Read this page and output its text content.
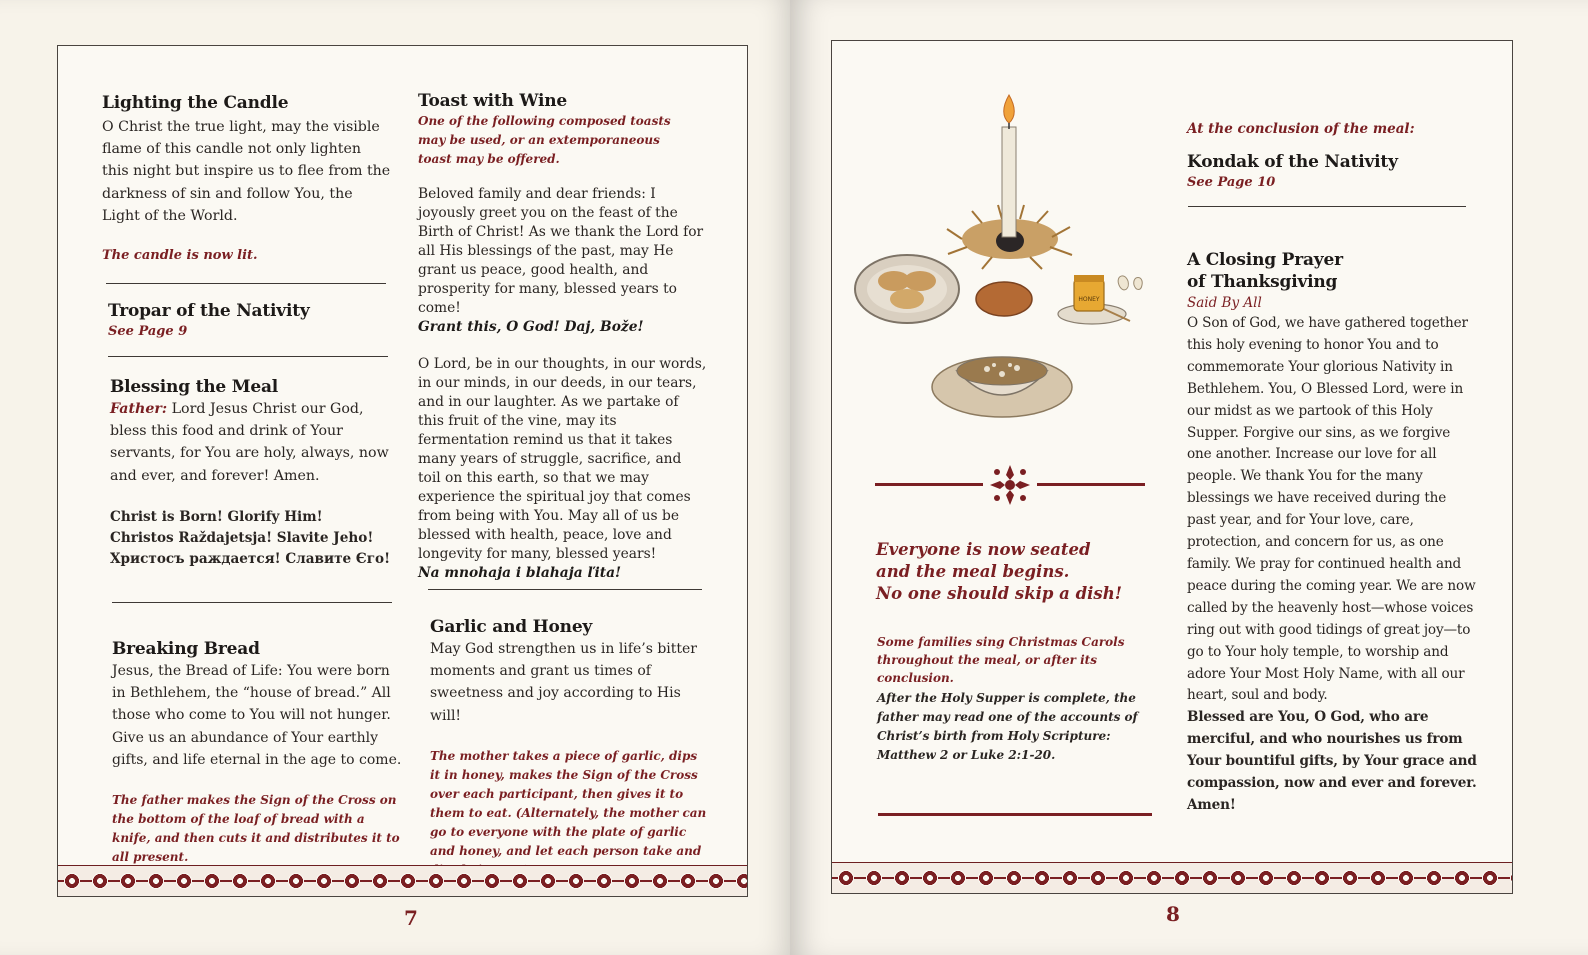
Lighting the Candle

O Christ the true light, may the visible flame of this candle not only lighten this night but inspire us to flee from the darkness of sin and follow You, the Light of the World.

The candle is now lit.
Tropar of the Nativity
See Page 9
Blessing the Meal

Father: Lord Jesus Christ our God, bless this food and drink of Your servants, for You are holy, always, now and ever, and forever! Amen.

Christ is Born! Glorify Him!
Christos Raždajetsja! Slavite Jeho!
Христосъ раждается! Славите Єго!
Breaking Bread

Jesus, the Bread of Life: You were born in Bethlehem, the “house of bread.” All those who come to You will not hunger. Give us an abundance of Your earthly gifts, and life eternal in the age to come.

The father makes the Sign of the Cross on the bottom of the loaf of bread with a knife, and then cuts it and distributes it to all present.
Toast with Wine
One of the following composed toasts may be used, or an extemporaneous toast may be offered.

Beloved family and dear friends: I joyously greet you on the feast of the Birth of Christ! As we thank the Lord for all His blessings of the past, may He grant us peace, good health, and prosperity for many, blessed years to come!

Grant this, O God! Daj, Bože!

O Lord, be in our thoughts, in our words, in our minds, in our deeds, in our tears, and in our laughter. As we partake of this fruit of the vine, may its fermentation remind us that it takes many years of struggle, sacrifice, and toil on this earth, so that we may experience the spiritual joy that comes from being with You. May all of us be blessed with health, peace, love and longevity for many, blessed years!

Na mnohaja i blahaja ľita!

Garlic and Honey

May God strengthen us in life’s bitter moments and grant us times of sweetness and joy according to His will!

The mother takes a piece of garlic, dips it in honey, makes the Sign of the Cross over each participant, then gives it to them to eat. (Alternately, the mother can go to everyone with the plate of garlic and honey, and let each person take and
7
HONEY
Everyone is now seated
and the meal begins.
No one should skip a dish!
Some families sing Christmas Carols throughout the meal, or after its conclusion.
After the Holy Supper is complete, the father may read one of the accounts of Christ’s birth from Holy Scripture: Matthew 2 or Luke 2:1-20.
At the conclusion of the meal:
Kondak of the Nativity
See Page 10
A Closing Prayer
of Thanksgiving
Said By All

O Son of God, we have gathered together this holy evening to honor You and to commemorate Your glorious Nativity in Bethlehem. You, O Blessed Lord, were in our midst as we partook of this Holy Supper. Forgive our sins, as we forgive one another. Increase our love for all people. We thank You for the many blessings we have received during the past year, and for Your love, care, protection, and concern for us, as one family. We pray for continued health and peace during the coming year. We are now called by the heavenly host—whose voices ring out with good tidings of great joy—to go to Your holy temple, to worship and adore Your Most Holy Name, with all our heart, soul and body.

Blessed are You, O God, who are merciful, and who nourishes us from Your bountiful gifts, by Your grace and compassion, now and ever and forever. Amen!

8
